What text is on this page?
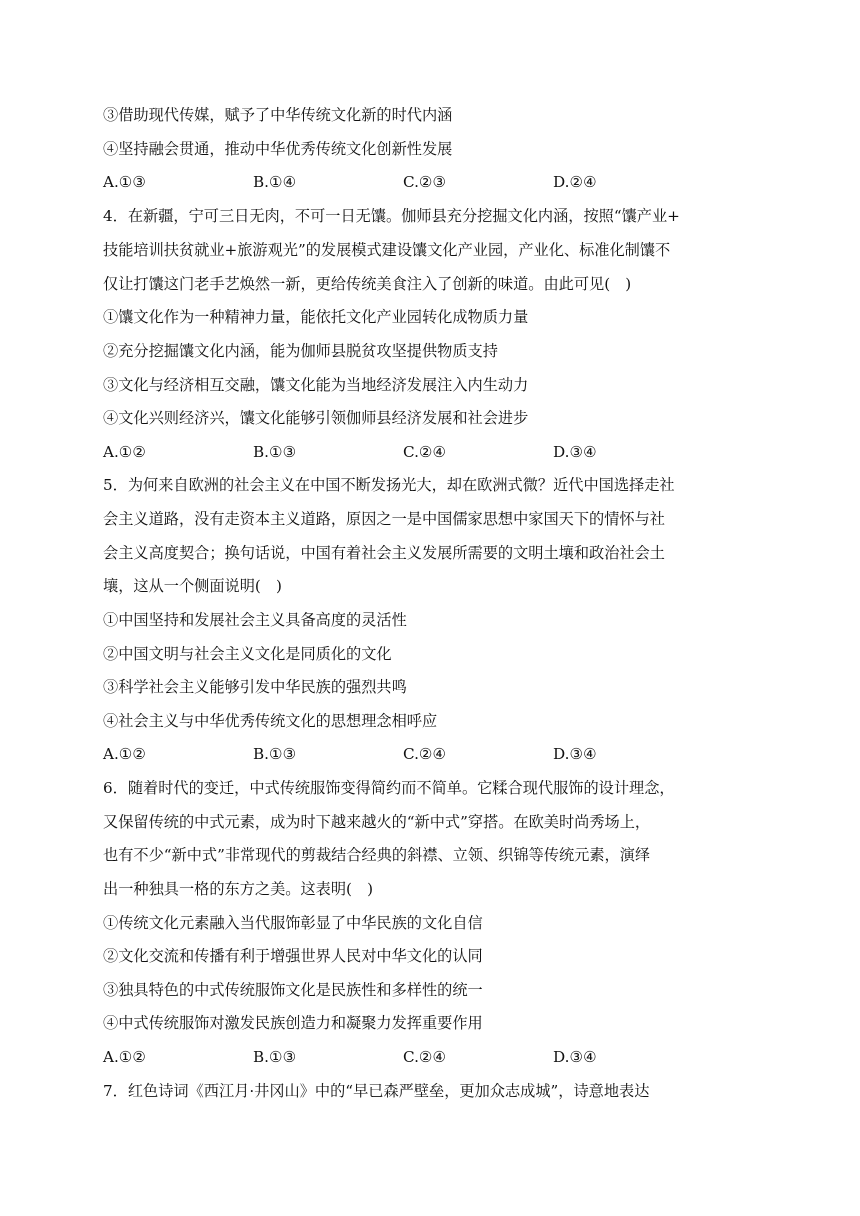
③借助现代传媒，赋予了中华传统文化新的时代内涵
④坚持融会贯通，推动中华优秀传统文化创新性发展
A.①③	B.①④	C.②③	D.②④
4．在新疆，宁可三日无肉，不可一日无馕。伽师县充分挖掘文化内涵，按照“馕产业+
技能培训扶贫就业+旅游观光”的发展模式建设馕文化产业园，产业化、标准化制馕不
仅让打馕这门老手艺焕然一新，更给传统美食注入了创新的味道。由此可见(　)
①馕文化作为一种精神力量，能依托文化产业园转化成物质力量
②充分挖掘馕文化内涵，能为伽师县脱贫攻坚提供物质支持
③文化与经济相互交融，馕文化能为当地经济发展注入内生动力
④文化兴则经济兴，馕文化能够引领伽师县经济发展和社会进步
A.①②	B.①③	C.②④	D.③④
5．为何来自欧洲的社会主义在中国不断发扬光大，却在欧洲式微？近代中国选择走社
会主义道路，没有走资本主义道路，原因之一是中国儒家思想中家国天下的情怀与社
会主义高度契合；换句话说，中国有着社会主义发展所需要的文明土壤和政治社会土
壤，这从一个侧面说明(　)
①中国坚持和发展社会主义具备高度的灵活性
②中国文明与社会主义文化是同质化的文化
③科学社会主义能够引发中华民族的强烈共鸣
④社会主义与中华优秀传统文化的思想理念相呼应
A.①②	B.①③	C.②④	D.③④
6．随着时代的变迁，中式传统服饰变得简约而不简单。它糅合现代服饰的设计理念，
又保留传统的中式元素，成为时下越来越火的“新中式”穿搭。在欧美时尚秀场上，
也有不少“新中式”非常现代的剪裁结合经典的斜襟、立领、织锦等传统元素，演绎
出一种独具一格的东方之美。这表明(　)
①传统文化元素融入当代服饰彰显了中华民族的文化自信
②文化交流和传播有利于增强世界人民对中华文化的认同
③独具特色的中式传统服饰文化是民族性和多样性的统一
④中式传统服饰对激发民族创造力和凝聚力发挥重要作用
A.①②	B.①③	C.②④	D.③④
7．红色诗词《西江月·井冈山》中的“早已森严壁垒，更加众志成城”，诗意地表达
